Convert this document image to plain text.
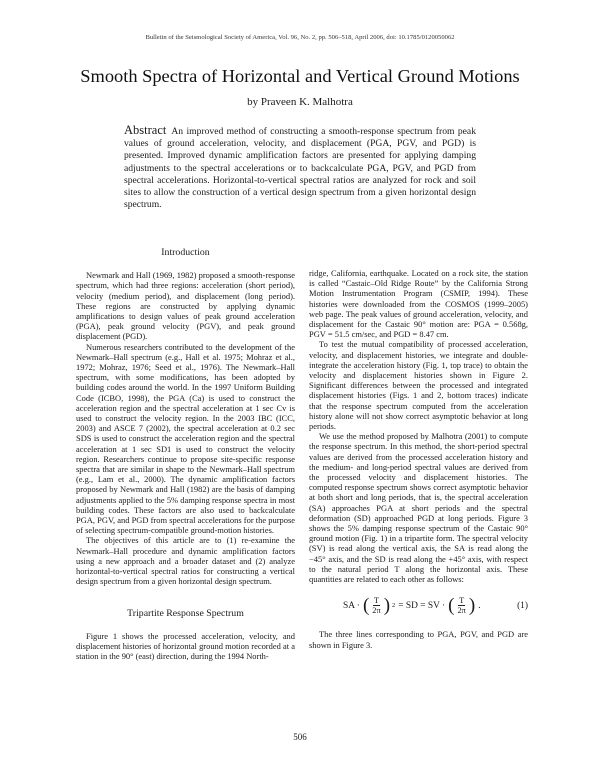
Bulletin of the Seismological Society of America, Vol. 96, No. 2, pp. 506–518, April 2006, doi: 10.1785/0120050062
Smooth Spectra of Horizontal and Vertical Ground Motions
by Praveen K. Malhotra
Abstract An improved method of constructing a smooth-response spectrum from peak values of ground acceleration, velocity, and displacement (PGA, PGV, and PGD) is presented. Improved dynamic amplification factors are presented for applying damping adjustments to the spectral accelerations or to backcalculate PGA, PGV, and PGD from spectral accelerations. Horizontal-to-vertical spectral ratios are analyzed for rock and soil sites to allow the construction of a vertical design spectrum from a given horizontal design spectrum.
Introduction

Newmark and Hall (1969, 1982) proposed a smooth-response spectrum, which had three regions: acceleration (short period), velocity (medium period), and displacement (long period). These regions are constructed by applying dynamic amplifications to design values of peak ground acceleration (PGA), peak ground velocity (PGV), and peak ground displacement (PGD).

Numerous researchers contributed to the development of the Newmark–Hall spectrum (e.g., Hall et al. 1975; Mohraz et al., 1972; Mohraz, 1976; Seed et al., 1976). The Newmark–Hall spectrum, with some modifications, has been adopted by building codes around the world. In the 1997 Uniform Building Code (ICBO, 1998), the PGA (Ca) is used to construct the acceleration region and the spectral acceleration at 1 sec Cv is used to construct the velocity region. In the 2003 IBC (ICC, 2003) and ASCE 7 (2002), the spectral acceleration at 0.2 sec SDS is used to construct the acceleration region and the spectral acceleration at 1 sec SD1 is used to construct the velocity region. Researchers continue to propose site-specific response spectra that are similar in shape to the Newmark–Hall spectrum (e.g., Lam et al., 2000). The dynamic amplification factors proposed by Newmark and Hall (1982) are the basis of damping adjustments applied to the 5% damping response spectra in most building codes. These factors are also used to backcalculate PGA, PGV, and PGD from spectral accelerations for the purpose of selecting spectrum-compatible ground-motion histories.

The objectives of this article are to (1) re-examine the Newmark–Hall procedure and dynamic amplification factors using a new approach and a broader dataset and (2) analyze horizontal-to-vertical spectral ratios for constructing a vertical design spectrum from a given horizontal design spectrum.

Tripartite Response Spectrum

Figure 1 shows the processed acceleration, velocity, and displacement histories of horizontal ground motion recorded at a station in the 90° (east) direction, during the 1994 North-

ridge, California, earthquake. Located on a rock site, the station is called “Castaic–Old Ridge Route” by the California Strong Motion Instrumentation Program (CSMIP, 1994). These histories were downloaded from the COSMOS (1999–2005) web page. The peak values of ground acceleration, velocity, and displacement for the Castaic 90° motion are: PGA = 0.568g, PGV = 51.5 cm/sec, and PGD = 8.47 cm.

To test the mutual compatibility of processed acceleration, velocity, and displacement histories, we integrate and double-integrate the acceleration history (Fig. 1, top trace) to obtain the velocity and displacement histories shown in Figure 2. Significant differences between the processed and integrated displacement histories (Figs. 1 and 2, bottom traces) indicate that the response spectrum computed from the acceleration history alone will not show correct asymptotic behavior at long periods.

We use the method proposed by Malhotra (2001) to compute the response spectrum. In this method, the short-period spectral values are derived from the processed acceleration history and the medium- and long-period spectral values are derived from the processed velocity and displacement histories. The computed response spectrum shows correct asymptotic behavior at both short and long periods, that is, the spectral acceleration (SA) approaches PGA at short periods and the spectral deformation (SD) approached PGD at long periods. Figure 3 shows the 5% damping response spectrum of the Castaic 90° ground motion (Fig. 1) in a tripartite form. The spectral velocity (SV) is read along the vertical axis, the SA is read along the −45° axis, and the SD is read along the +45° axis, with respect to the natural period T along the horizontal axis. These quantities are related to each other as follows:

SA · ( $\frac{T}{2\pi}$ ) 2 = SD = SV · ( $\frac{T}{2\pi}$ ) .	(1)

The three lines corresponding to PGA, PGV, and PGD are shown in Figure 3.

506
